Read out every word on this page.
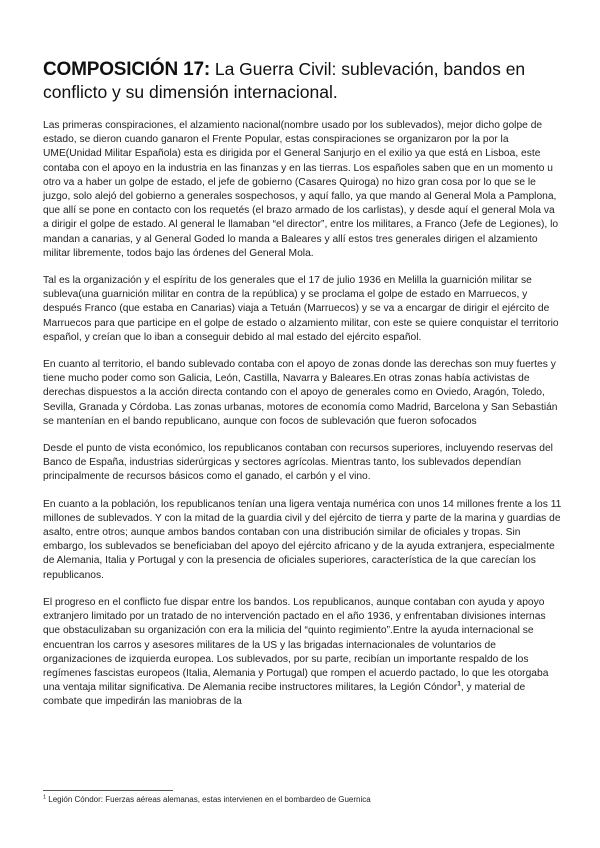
COMPOSICIÓN 17: La Guerra Civil: sublevación, bandos en conflicto y su dimensión internacional.

Las primeras conspiraciones, el alzamiento nacional(nombre usado por los sublevados), mejor dicho golpe de estado, se dieron cuando ganaron el Frente Popular, estas conspiraciones se organizaron por la por la UME(Unidad Militar Española) esta es dirigida por el General Sanjurjo en el exilio ya que está en Lisboa, este contaba con el apoyo en la industria en las finanzas y en las tierras. Los españoles saben que en un momento u otro va a haber un golpe de estado, el jefe de gobierno (Casares Quiroga) no hizo gran cosa por lo que se le juzgo, solo alejó del gobierno a generales sospechosos, y aquí fallo, ya que mando al General Mola a Pamplona, que allí se pone en contacto con los requetés (el brazo armado de los carlistas), y desde aquí el general Mola va a dirigir el golpe de estado. Al general le llamaban “el director”, entre los militares, a Franco (Jefe de Legiones), lo mandan a canarias, y al General Goded lo manda a Baleares y allí estos tres generales dirigen el alzamiento militar libremente, todos bajo las órdenes del General Mola.

Tal es la organización y el espíritu de los generales que el 17 de julio 1936 en Melilla la guarnición militar se subleva(una guarnición militar en contra de la república) y se proclama el golpe de estado en Marruecos, y después Franco (que estaba en Canarias) viaja a Tetuán (Marruecos) y se va a encargar de dirigir el ejército de Marruecos para que participe en el golpe de estado o alzamiento militar, con este se quiere conquistar el territorio español, y creían que lo iban a conseguir debido al mal estado del ejército español.

En cuanto al territorio, el bando sublevado contaba con el apoyo de zonas donde las derechas son muy fuertes y tiene mucho poder como son Galicia, León, Castilla, Navarra y Baleares.En otras zonas había activistas de derechas dispuestos a la acción directa contando con el apoyo de generales como en Oviedo, Aragón, Toledo, Sevilla, Granada y Córdoba. Las zonas urbanas, motores de economía como Madrid, Barcelona y San Sebastián se mantenían en el bando republicano, aunque con focos de sublevación que fueron sofocados

Desde el punto de vista económico, los republicanos contaban con recursos superiores, incluyendo reservas del Banco de España, industrias siderúrgicas y sectores agrícolas. Mientras tanto, los sublevados dependían principalmente de recursos básicos como el ganado, el carbón y el vino.

En cuanto a la población, los republicanos tenían una ligera ventaja numérica con unos 14 millones frente a los 11 millones de sublevados. Y con la mitad de la guardia civil y del ejército de tierra y parte de la marina y guardias de asalto, entre otros; aunque ambos bandos contaban con una distribución similar de oficiales y tropas. Sin embargo, los sublevados se beneficiaban del apoyo del ejército africano y de la ayuda extranjera, especialmente de Alemania, Italia y Portugal y con la presencia de oficiales superiores, característica de la que carecían los republicanos.

El progreso en el conflicto fue dispar entre los bandos. Los republicanos, aunque contaban con ayuda y apoyo extranjero limitado por un tratado de no intervención pactado en el año 1936, y enfrentaban divisiones internas que obstaculizaban su organización con era la milicia del “quinto regimiento”.Entre la ayuda internacional se encuentran los carros y asesores militares de la US y las brigadas internacionales de voluntarios de organizaciones de izquierda europea. Los sublevados, por su parte, recibían un importante respaldo de los regímenes fascistas europeos (Italia, Alemania y Portugal) que rompen el acuerdo pactado, lo que les otorgaba una ventaja militar significativa. De Alemania recibe instructores militares, la Legión Cóndor$^1$, y material de combate que impedirán las maniobras de la

$^1$ Legión Cóndor: Fuerzas aéreas alemanas, estas intervienen en el bombardeo de Guernica
